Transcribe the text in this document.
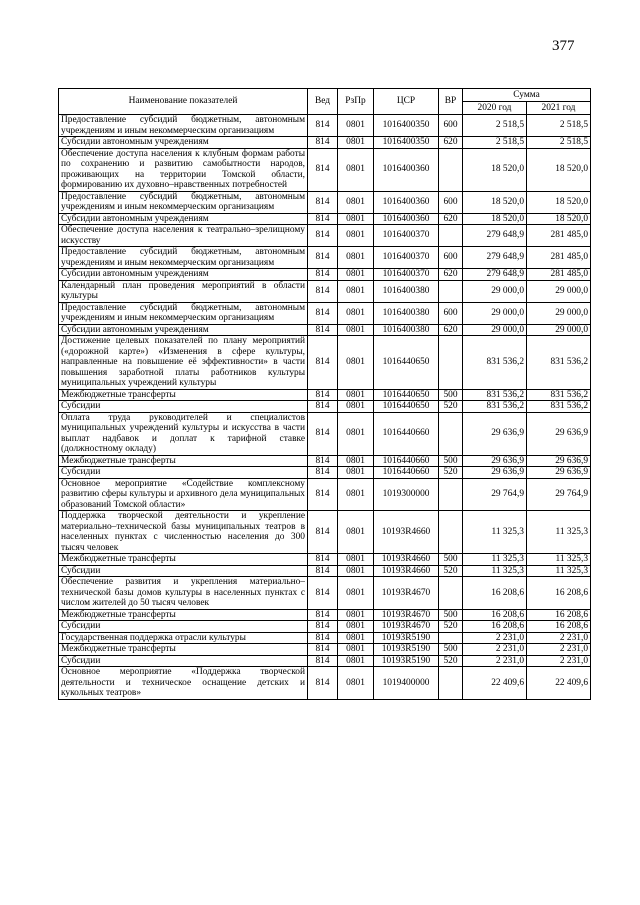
377
Наименование показателей	Вед	РзПр	ЦСР	ВР	Сумма	
					2020 год	2021 год
Предоставление субсидий бюджетным, автономным учреждениям и иным некоммерческим организациям	814	0801	1016400350	600	2 518,5	2 518,5
Субсидии автономным учреждениям	814	0801	1016400350	620	2 518,5	2 518,5
Обеспечение доступа населения к клубным формам работы по сохранению и развитию самобытности народов, проживающих на территории Томской области, формированию их духовно–нравственных потребностей	814	0801	1016400360		18 520,0	18 520,0
Предоставление субсидий бюджетным, автономным учреждениям и иным некоммерческим организациям	814	0801	1016400360	600	18 520,0	18 520,0
Субсидии автономным учреждениям	814	0801	1016400360	620	18 520,0	18 520,0
Обеспечение доступа населения к театрально–зрелищному искусству	814	0801	1016400370		279 648,9	281 485,0
Предоставление субсидий бюджетным, автономным учреждениям и иным некоммерческим организациям	814	0801	1016400370	600	279 648,9	281 485,0
Субсидии автономным учреждениям	814	0801	1016400370	620	279 648,9	281 485,0
Календарный план проведения мероприятий в области культуры	814	0801	1016400380		29 000,0	29 000,0
Предоставление субсидий бюджетным, автономным учреждениям и иным некоммерческим организациям	814	0801	1016400380	600	29 000,0	29 000,0
Субсидии автономным учреждениям	814	0801	1016400380	620	29 000,0	29 000,0
Достижение целевых показателей по плану мероприятий («дорожной карте») «Изменения в сфере культуры, направленные на повышение её эффективности» в части повышения заработной платы работников культуры муниципальных учреждений культуры	814	0801	1016440650		831 536,2	831 536,2
Межбюджетные трансферты	814	0801	1016440650	500	831 536,2	831 536,2
Субсидии	814	0801	1016440650	520	831 536,2	831 536,2
Оплата труда руководителей и специалистов муниципальных учреждений культуры и искусства в части выплат надбавок и доплат к тарифной ставке (должностному окладу)	814	0801	1016440660		29 636,9	29 636,9
Межбюджетные трансферты	814	0801	1016440660	500	29 636,9	29 636,9
Субсидии	814	0801	1016440660	520	29 636,9	29 636,9
Основное мероприятие «Содействие комплексному развитию сферы культуры и архивного дела муниципальных образований Томской области»	814	0801	1019300000		29 764,9	29 764,9
Поддержка творческой деятельности и укрепление материально–технической базы муниципальных театров в населенных пунктах с численностью населения до 300 тысяч человек	814	0801	10193R4660		11 325,3	11 325,3
Межбюджетные трансферты	814	0801	10193R4660	500	11 325,3	11 325,3
Субсидии	814	0801	10193R4660	520	11 325,3	11 325,3
Обеспечение развития и укрепления материально–технической базы домов культуры в населенных пунктах с числом жителей до 50 тысяч человек	814	0801	10193R4670		16 208,6	16 208,6
Межбюджетные трансферты	814	0801	10193R4670	500	16 208,6	16 208,6
Субсидии	814	0801	10193R4670	520	16 208,6	16 208,6
Государственная поддержка отрасли культуры	814	0801	10193R5190		2 231,0	2 231,0
Межбюджетные трансферты	814	0801	10193R5190	500	2 231,0	2 231,0
Субсидии	814	0801	10193R5190	520	2 231,0	2 231,0
Основное мероприятие «Поддержка творческой деятельности и техническое оснащение детских и кукольных театров»	814	0801	1019400000		22 409,6	22 409,6
